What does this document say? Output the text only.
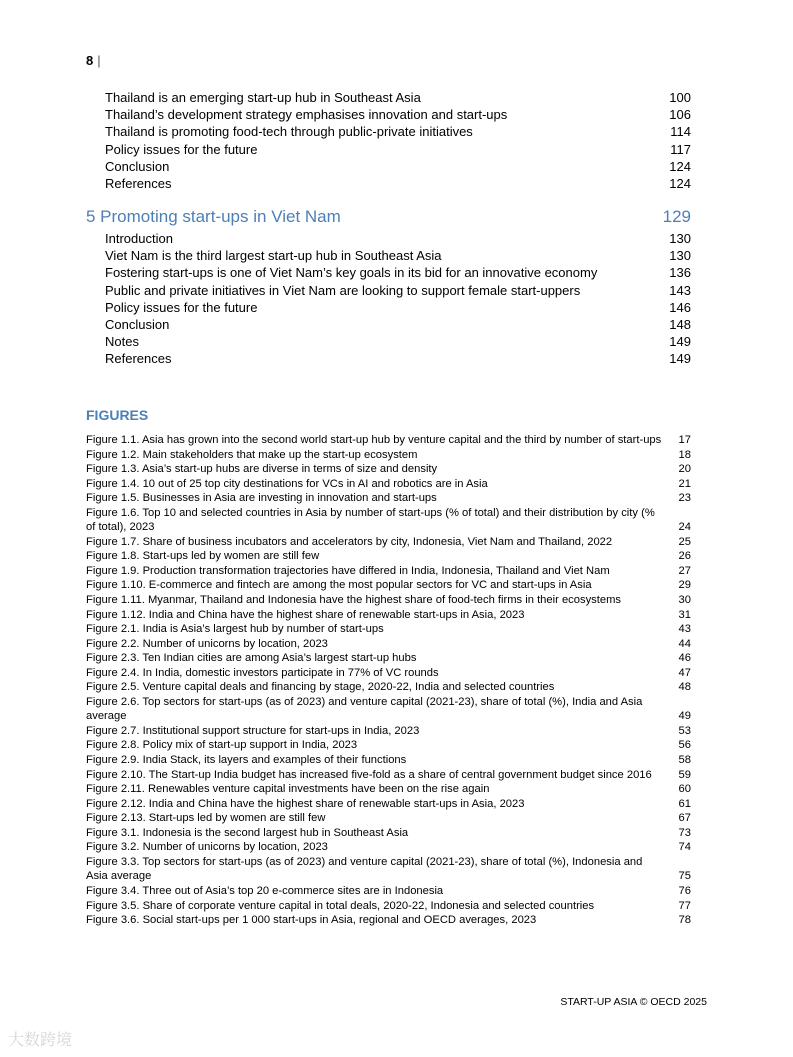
8 |
Thailand is an emerging start-up hub in Southeast Asia	100
Thailand’s development strategy emphasises innovation and start-ups	106
Thailand is promoting food-tech through public-private initiatives	114
Policy issues for the future	117
Conclusion	124
References	124
5 Promoting start-ups in Viet Nam	129
Introduction	130
Viet Nam is the third largest start-up hub in Southeast Asia	130
Fostering start-ups is one of Viet Nam’s key goals in its bid for an innovative economy	136
Public and private initiatives in Viet Nam are looking to support female start-uppers	143
Policy issues for the future	146
Conclusion	148
Notes	149
References	149
FIGURES
Figure 1.1. Asia has grown into the second world start-up hub by venture capital and the third by number of start-ups	17
Figure 1.2. Main stakeholders that make up the start-up ecosystem	18
Figure 1.3. Asia’s start-up hubs are diverse in terms of size and density	20
Figure 1.4. 10 out of 25 top city destinations for VCs in AI and robotics are in Asia	21
Figure 1.5. Businesses in Asia are investing in innovation and start-ups	23
Figure 1.6. Top 10 and selected countries in Asia by number of start-ups (% of total) and their distribution by city (% of total), 2023	24
Figure 1.7. Share of business incubators and accelerators by city, Indonesia, Viet Nam and Thailand, 2022	25
Figure 1.8. Start-ups led by women are still few	26
Figure 1.9. Production transformation trajectories have differed in India, Indonesia, Thailand and Viet Nam	27
Figure 1.10. E-commerce and fintech are among the most popular sectors for VC and start-ups in Asia	29
Figure 1.11. Myanmar, Thailand and Indonesia have the highest share of food-tech firms in their ecosystems	30
Figure 1.12. India and China have the highest share of renewable start-ups in Asia, 2023	31
Figure 2.1. India is Asia’s largest hub by number of start-ups	43
Figure 2.2. Number of unicorns by location, 2023	44
Figure 2.3. Ten Indian cities are among Asia’s largest start-up hubs	46
Figure 2.4. In India, domestic investors participate in 77% of VC rounds	47
Figure 2.5. Venture capital deals and financing by stage, 2020-22, India and selected countries	48
Figure 2.6. Top sectors for start-ups (as of 2023) and venture capital (2021-23), share of total (%), India and Asia average	49
Figure 2.7. Institutional support structure for start-ups in India, 2023	53
Figure 2.8. Policy mix of start-up support in India, 2023	56
Figure 2.9. India Stack, its layers and examples of their functions	58
Figure 2.10. The Start-up India budget has increased five-fold as a share of central government budget since 2016	59
Figure 2.11. Renewables venture capital investments have been on the rise again	60
Figure 2.12. India and China have the highest share of renewable start-ups in Asia, 2023	61
Figure 2.13. Start-ups led by women are still few	67
Figure 3.1. Indonesia is the second largest hub in Southeast Asia	73
Figure 3.2. Number of unicorns by location, 2023	74
Figure 3.3. Top sectors for start-ups (as of 2023) and venture capital (2021-23), share of total (%), Indonesia and Asia average	75
Figure 3.4. Three out of Asia’s top 20 e-commerce sites are in Indonesia	76
Figure 3.5. Share of corporate venture capital in total deals, 2020-22, Indonesia and selected countries	77
Figure 3.6. Social start-ups per 1 000 start-ups in Asia, regional and OECD averages, 2023	78
START-UP ASIA © OECD 2025
大数跨境
